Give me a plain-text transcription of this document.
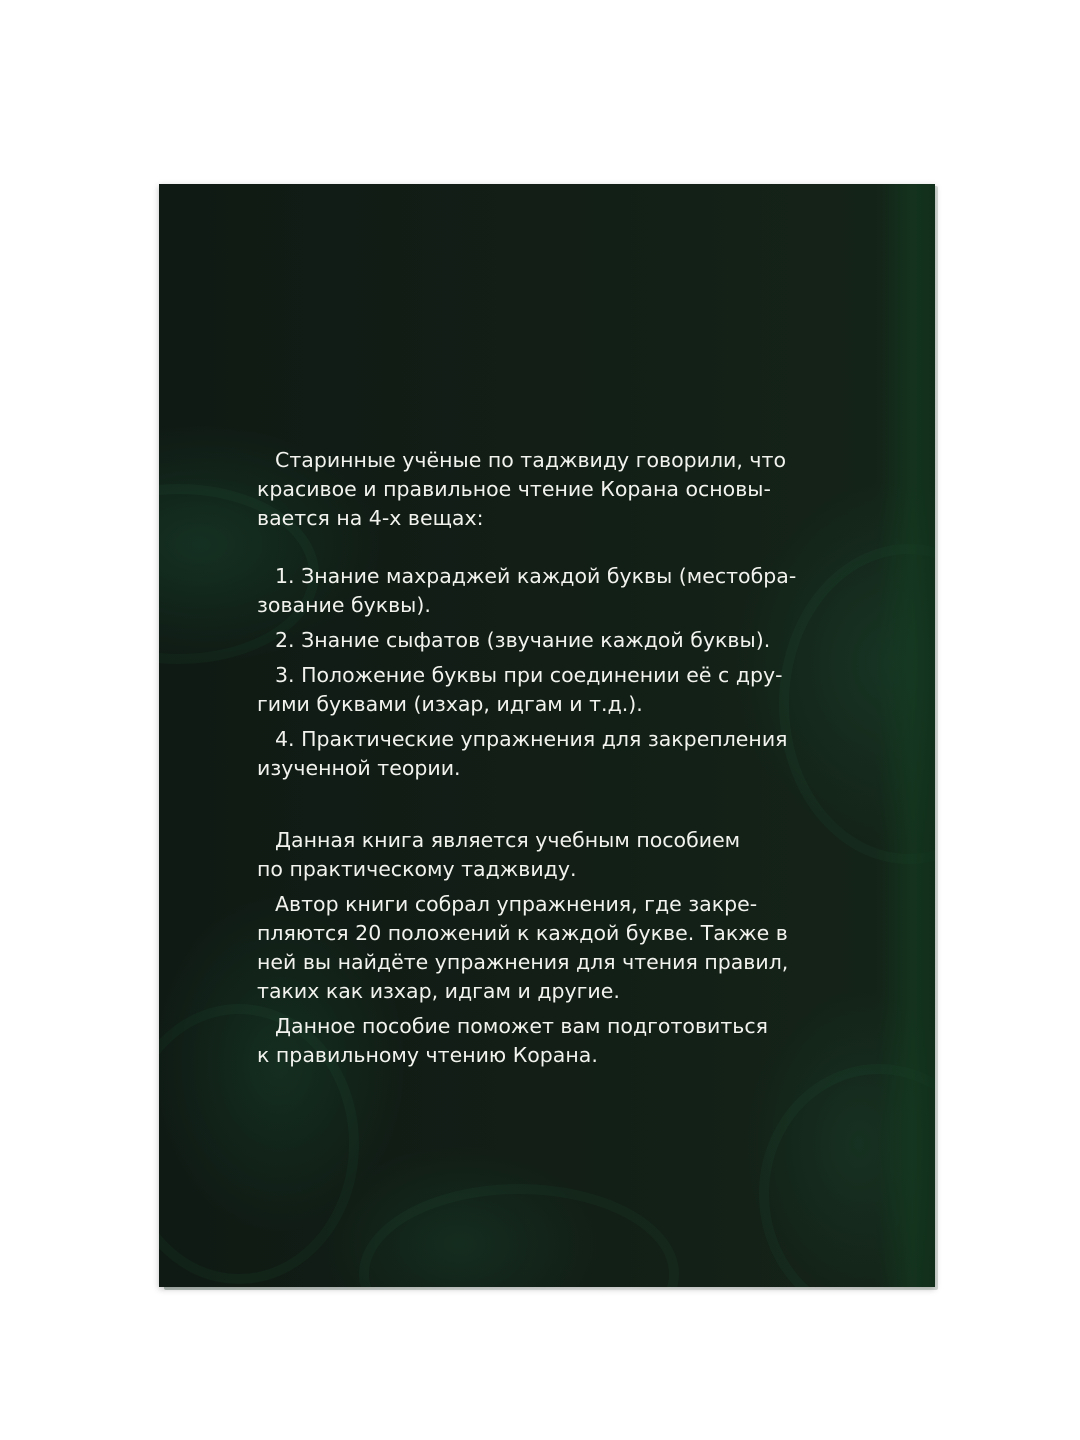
Старинные учёные по таджвиду говорили, что
красивое и правильное чтение Корана основы-
вается на 4-х вещах:
1. Знание махраджей каждой буквы (местобра-
зование буквы).
2. Знание сыфатов (звучание каждой буквы).
3. Положение буквы при соединении её с дру-
гими буквами (изхар, идгам и т.д.).
4. Практические упражнения для закрепления
изученной теории.
Данная книга является учебным пособием
по практическому таджвиду.
Автор книги собрал упражнения, где закре-
пляются 20 положений к каждой букве. Также в
ней вы найдёте упражнения для чтения правил,
таких как изхар, идгам и другие.
Данное пособие поможет вам подготовиться
к правильному чтению Корана.
